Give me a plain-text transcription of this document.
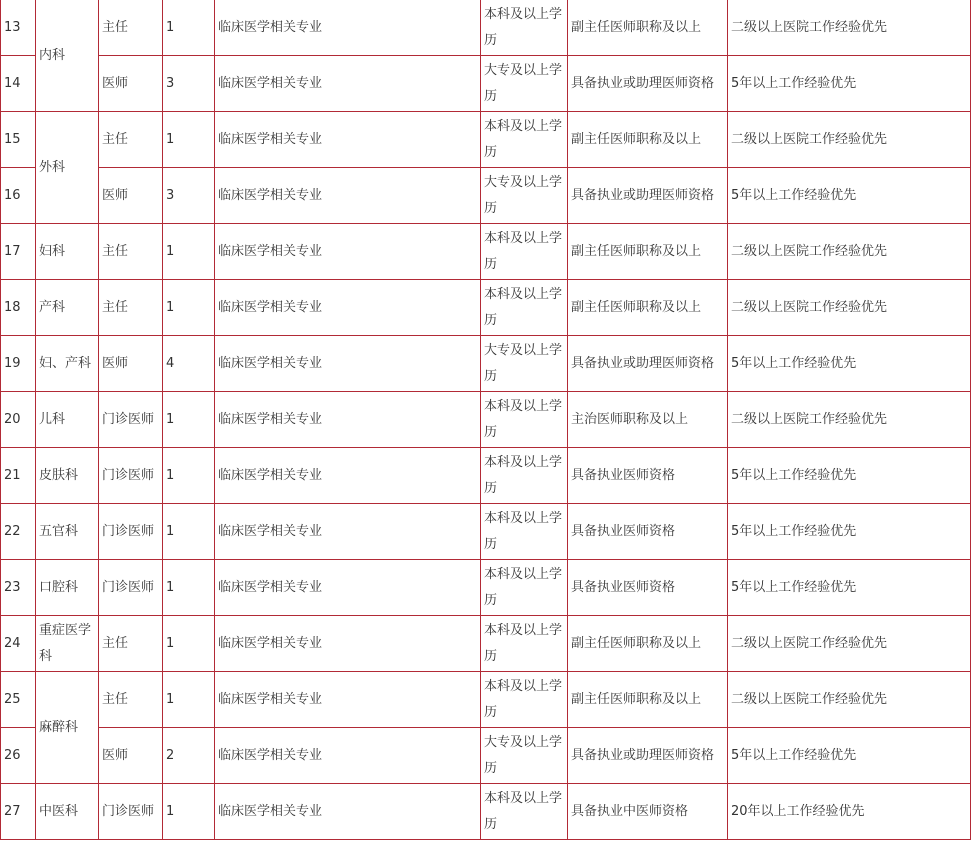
13	内科	主任	1	临床医学相关专业	本科及以上学历	副主任医师职称及以上	二级以上医院工作经验优先
14		医师	3	临床医学相关专业	大专及以上学历	具备执业或助理医师资格	5年以上工作经验优先
15	外科	主任	1	临床医学相关专业	本科及以上学历	副主任医师职称及以上	二级以上医院工作经验优先
16		医师	3	临床医学相关专业	大专及以上学历	具备执业或助理医师资格	5年以上工作经验优先
17	妇科	主任	1	临床医学相关专业	本科及以上学历	副主任医师职称及以上	二级以上医院工作经验优先
18	产科	主任	1	临床医学相关专业	本科及以上学历	副主任医师职称及以上	二级以上医院工作经验优先
19	妇、产科	医师	4	临床医学相关专业	大专及以上学历	具备执业或助理医师资格	5年以上工作经验优先
20	儿科	门诊医师	1	临床医学相关专业	本科及以上学历	主治医师职称及以上	二级以上医院工作经验优先
21	皮肤科	门诊医师	1	临床医学相关专业	本科及以上学历	具备执业医师资格	5年以上工作经验优先
22	五官科	门诊医师	1	临床医学相关专业	本科及以上学历	具备执业医师资格	5年以上工作经验优先
23	口腔科	门诊医师	1	临床医学相关专业	本科及以上学历	具备执业医师资格	5年以上工作经验优先
24	重症医学科	主任	1	临床医学相关专业	本科及以上学历	副主任医师职称及以上	二级以上医院工作经验优先
25	麻醉科	主任	1	临床医学相关专业	本科及以上学历	副主任医师职称及以上	二级以上医院工作经验优先
26		医师	2	临床医学相关专业	大专及以上学历	具备执业或助理医师资格	5年以上工作经验优先
27	中医科	门诊医师	1	临床医学相关专业	本科及以上学历	具备执业中医师资格	20年以上工作经验优先
